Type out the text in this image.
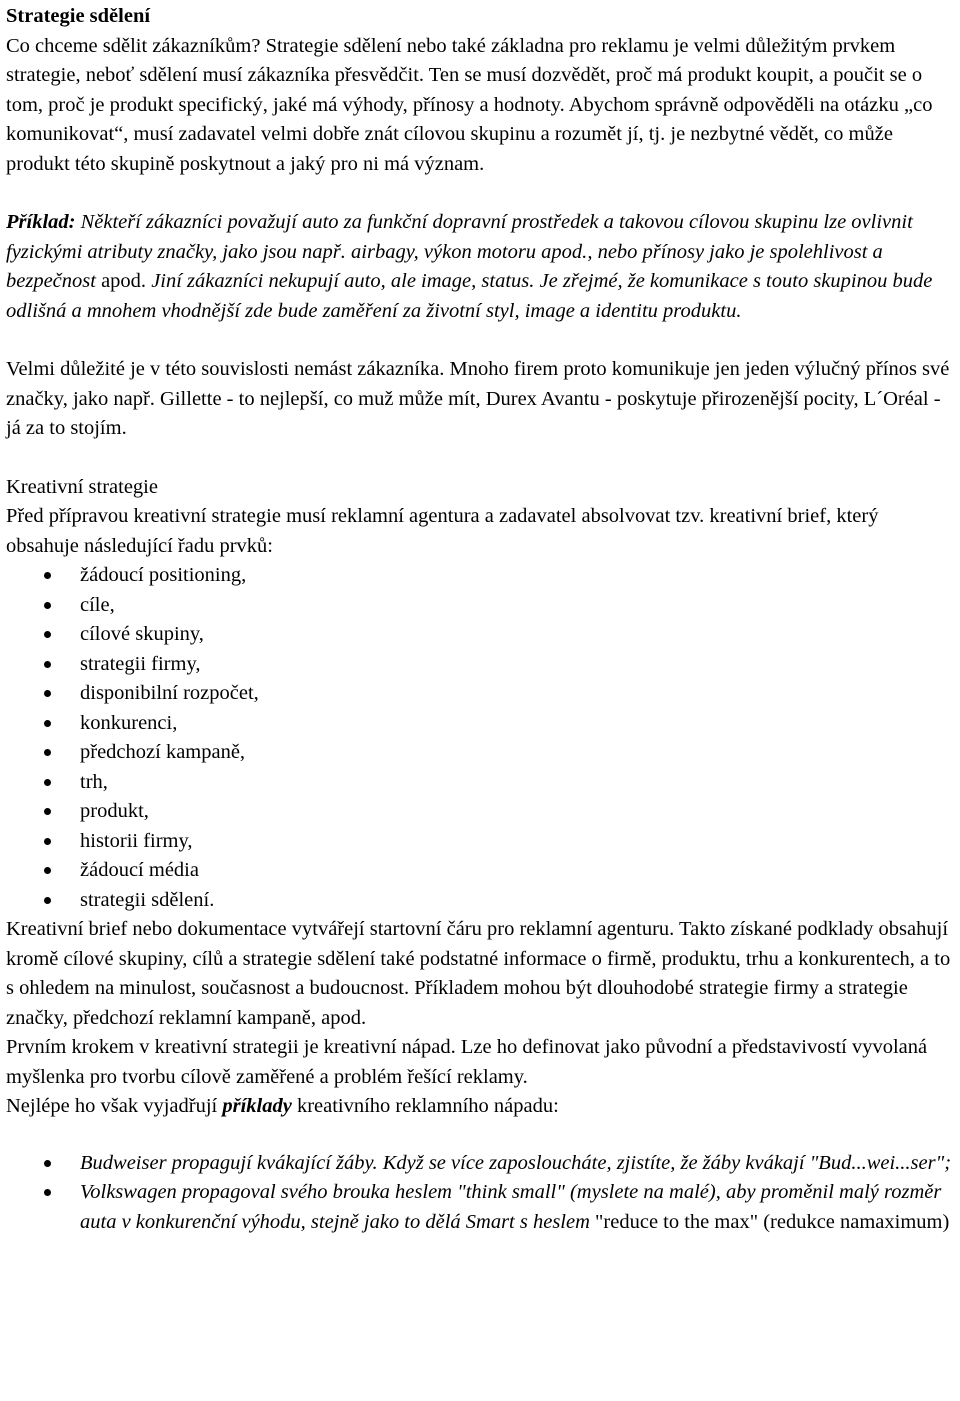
Strategie sdělení

Co chceme sdělit zákazníkům? Strategie sdělení nebo také základna pro reklamu je velmi důležitým prvkem strategie, neboť sdělení musí zákazníka přesvědčit. Ten se musí dozvědět, proč má produkt koupit, a poučit se o tom, proč je produkt specifický, jaké má výhody, přínosy a hodnoty. Abychom správně odpověděli na otázku „co komunikovat“, musí zadavatel velmi dobře znát cílovou skupinu a rozumět jí, tj. je nezbytné vědět, co může produkt této skupině poskytnout a jaký pro ni má význam.

Příklad: Někteří zákazníci považují auto za funkční dopravní prostředek a takovou cílovou skupinu lze ovlivnit fyzickými atributy značky, jako jsou např. airbagy, výkon motoru apod., nebo přínosy jako je spolehlivost a bezpečnost apod. Jiní zákazníci nekupují auto, ale image, status. Je zřejmé, že komunikace s touto skupinou bude odlišná a mnohem vhodnější zde bude zaměření za životní styl, image a identitu produktu.

Velmi důležité je v této souvislosti nemást zákazníka. Mnoho firem proto komunikuje jen jeden výlučný přínos své značky, jako např. Gillette - to nejlepší, co muž může mít, Durex Avantu - poskytuje přirozenější pocity, L´Oréal -já za to stojím.

Kreativní strategie

Před přípravou kreativní strategie musí reklamní agentura a zadavatel absolvovat tzv. kreativní brief, který obsahuje následující řadu prvků:

žádoucí positioning,
cíle,
cílové skupiny,
strategii firmy,
disponibilní rozpočet,
konkurenci,
předchozí kampaně,
trh,
produkt,
historii firmy,
žádoucí média
strategii sdělení.

Kreativní brief nebo dokumentace vytvářejí startovní čáru pro reklamní agenturu. Takto získané podklady obsahují kromě cílové skupiny, cílů a strategie sdělení také podstatné informace o firmě, produktu, trhu a konkurentech, a to s ohledem na minulost, současnost a budoucnost. Příkladem mohou být dlouhodobé strategie firmy a strategie značky, předchozí reklamní kampaně, apod.

Prvním krokem v kreativní strategii je kreativní nápad. Lze ho definovat jako původní a představivostí vyvolaná myšlenka pro tvorbu cílově zaměřené a problém řešící reklamy.

Nejlépe ho však vyjadřují příklady kreativního reklamního nápadu:

Budweiser propagují kvákající žáby. Když se více zaposloucháte, zjistíte, že žáby kvákají "Bud...wei...ser";
Volkswagen propagoval svého brouka heslem "think small" (myslete na malé), aby proměnil malý rozměr auta v konkurenční výhodu, stejně jako to dělá Smart s heslem "reduce to the max" (redukce namaximum)
